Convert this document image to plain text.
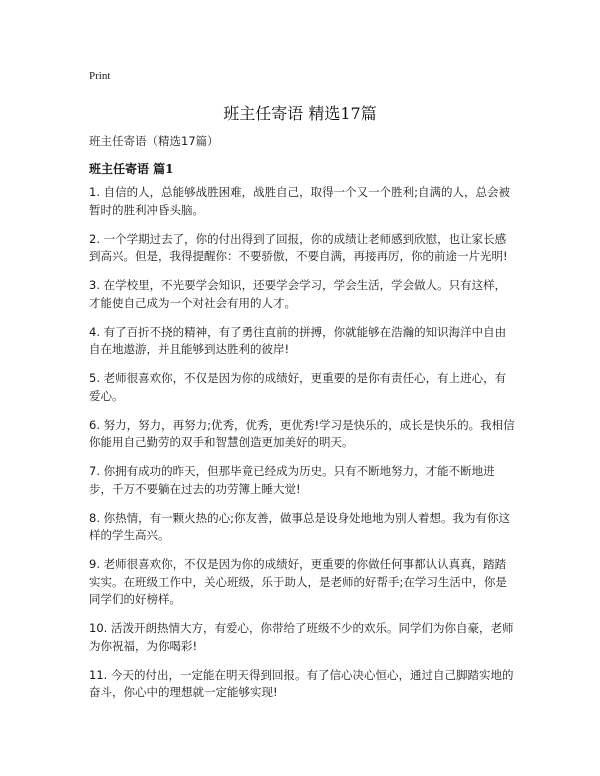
Print
班主任寄语 精选17篇
班主任寄语（精选17篇）
班主任寄语 篇1

1. 自信的人，总能够战胜困难，战胜自己，取得一个又一个胜利;自满的人，总会被暂时的胜利冲昏头脑。

2. 一个学期过去了，你的付出得到了回报，你的成绩让老师感到欣慰，也让家长感到高兴。但是，我得提醒你：不要骄傲，不要自满，再接再厉，你的前途一片光明!

3. 在学校里，不光要学会知识，还要学会学习，学会生活，学会做人。只有这样，才能使自己成为一个对社会有用的人才。

4. 有了百折不挠的精神，有了勇往直前的拼搏，你就能够在浩瀚的知识海洋中自由自在地遨游，并且能够到达胜利的彼岸!

5. 老师很喜欢你，不仅是因为你的成绩好，更重要的是你有责任心，有上进心，有爱心。

6. 努力，努力，再努力;优秀，优秀，更优秀!学习是快乐的，成长是快乐的。我相信你能用自己勤劳的双手和智慧创造更加美好的明天。

7. 你拥有成功的昨天，但那毕竟已经成为历史。只有不断地努力，才能不断地进步，千万不要躺在过去的功劳簿上睡大觉!

8. 你热情，有一颗火热的心;你友善，做事总是设身处地地为别人着想。我为有你这样的学生高兴。

9. 老师很喜欢你，不仅是因为你的成绩好，更重要的你做任何事都认认真真，踏踏实实。在班级工作中，关心班级，乐于助人，是老师的好帮手;在学习生活中，你是同学们的好榜样。

10. 活泼开朗热情大方，有爱心，你带给了班级不少的欢乐。同学们为你自豪，老师为你祝福，为你喝彩!

11. 今天的付出，一定能在明天得到回报。有了信心决心恒心，通过自己脚踏实地的奋斗，你心中的理想就一定能够实现!
